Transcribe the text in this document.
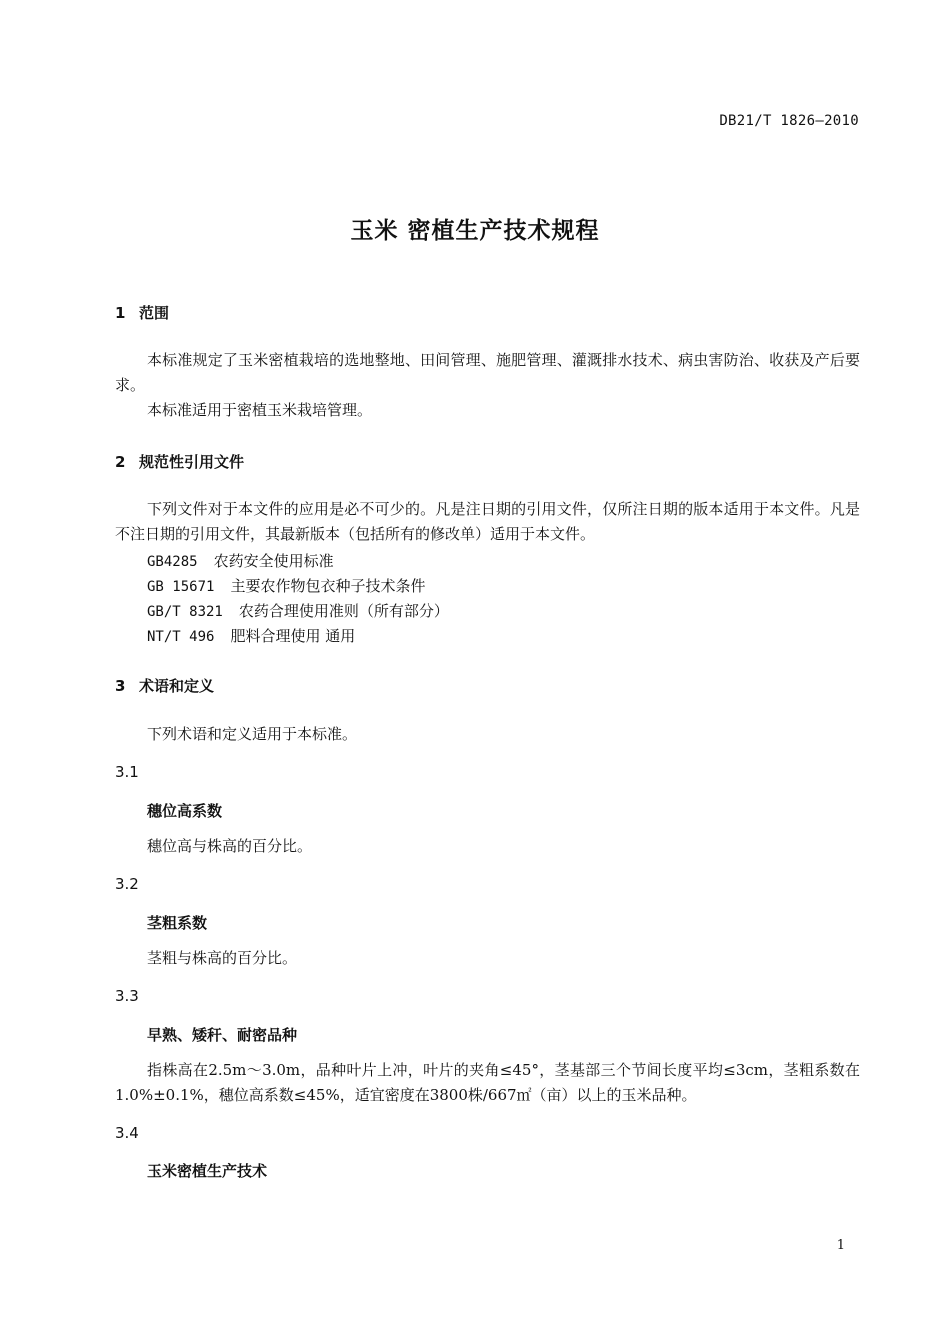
DB21/T 1826—2010
玉米 密植生产技术规程
1 范围
本标准规定了玉米密植栽培的选地整地、田间管理、施肥管理、灌溉排水技术、病虫害防治、收获及产后要求。
本标准适用于密植玉米栽培管理。
2 规范性引用文件
下列文件对于本文件的应用是必不可少的。凡是注日期的引用文件，仅所注日期的版本适用于本文件。凡是不注日期的引用文件，其最新版本（包括所有的修改单）适用于本文件。
GB4285 农药安全使用标准
GB 15671 主要农作物包衣种子技术条件
GB/T 8321 农药合理使用准则（所有部分）
NT/T 496 肥料合理使用 通用
3 术语和定义
下列术语和定义适用于本标准。
3.1
穗位高系数
穗位高与株高的百分比。
3.2
茎粗系数
茎粗与株高的百分比。
3.3
早熟、矮秆、耐密品种
指株高在2.5m～3.0m，品种叶片上冲，叶片的夹角≤45°，茎基部三个节间长度平均≤3cm，茎粗系数在1.0%±0.1%，穗位高系数≤45%，适宜密度在3800株/667㎡（亩）以上的玉米品种。
3.4
玉米密植生产技术
1
